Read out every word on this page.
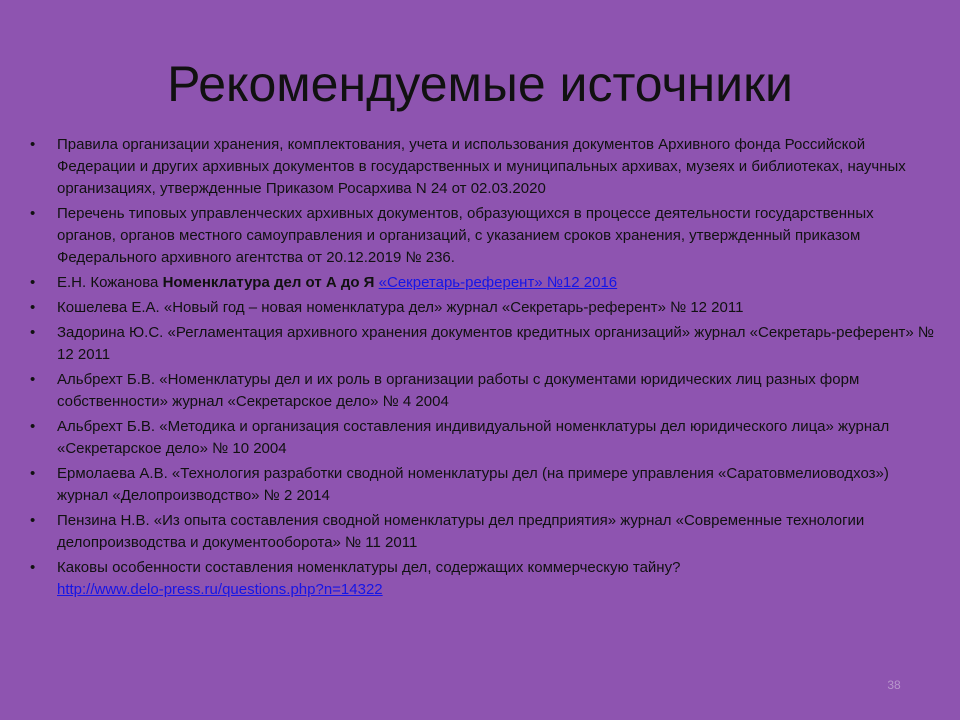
Рекомендуемые источники
• Правила организации хранения, комплектования, учета и использования документов Архивного фонда Российской Федерации и других архивных документов в государственных и муниципальных архивах, музеях и библиотеках, научных организациях, утвержденные Приказом Росархива N 24 от 02.03.2020
• Перечень типовых управленческих архивных документов, образующихся в процессе деятельности государственных органов, органов местного самоуправления и организаций, с указанием сроков хранения, утвержденный приказом Федерального архивного агентства от 20.12.2019 № 236.
• Е.Н. Кожанова Номенклатура дел от А до Я «Секретарь-референт» №12 2016
• Кошелева Е.А. «Новый год – новая номенклатура дел» журнал «Секретарь-референт» № 12 2011
• Задорина Ю.С. «Регламентация архивного хранения документов кредитных организаций» журнал «Секретарь-референт» № 12 2011
• Альбрехт Б.В. «Номенклатуры дел и их роль в организации работы с документами юридических лиц разных форм собственности» журнал «Секретарское дело» № 4 2004
• Альбрехт Б.В. «Методика и организация составления индивидуальной номенклатуры дел юридического лица» журнал «Секретарское дело» № 10 2004
• Ермолаева А.В. «Технология разработки сводной номенклатуры дел (на примере управления «Саратовмелиоводхоз») журнал «Делопроизводство» № 2 2014
• Пензина Н.В. «Из опыта составления сводной номенклатуры дел предприятия» журнал «Современные технологии делопроизводства и документооборота» № 11 2011
• Каковы особенности составления номенклатуры дел, содержащих коммерческую тайну?
http://www.delo-press.ru/questions.php?n=14322
38
